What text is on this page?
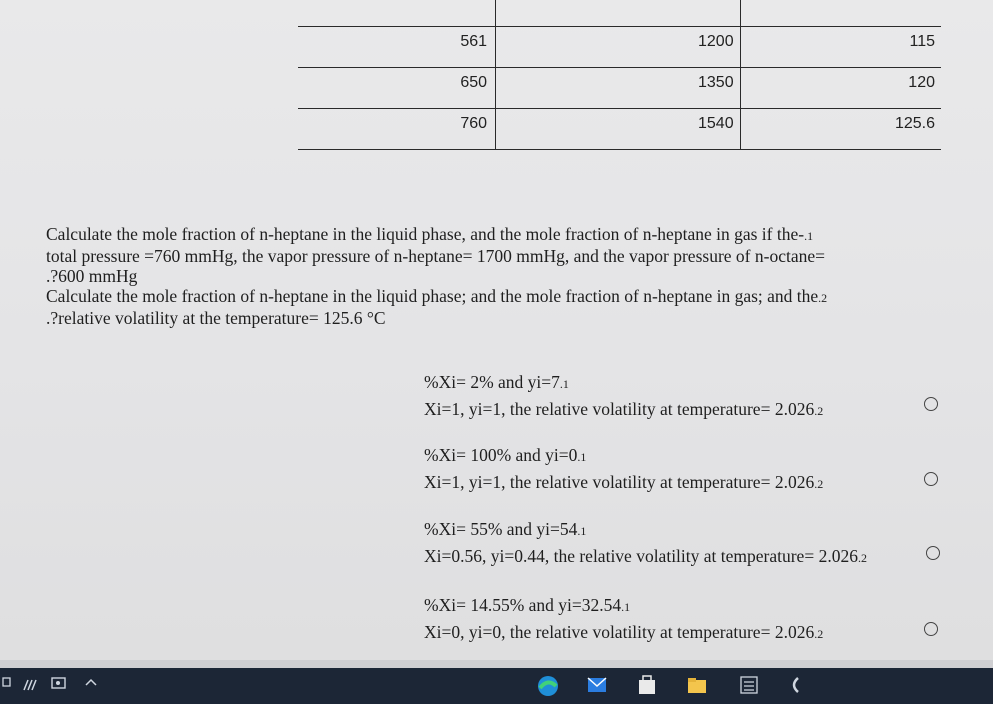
561	1200	115
650	1350	120
760	1540	125.6
Calculate the mole fraction of n-heptane in the liquid phase, and the mole fraction of n-heptane in gas if the-.1
total pressure =760 mmHg, the vapor pressure of n-heptane= 1700 mmHg, and the vapor pressure of n-octane=
.?600 mmHg
Calculate the mole fraction of n-heptane in the liquid phase; and the mole fraction of n-heptane in gas; and the.2
.?relative volatility at the temperature= 125.6 °C
%Xi= 2% and yi=7.1
Xi=1, yi=1, the relative volatility at temperature= 2.026.2
%Xi= 100% and yi=0.1
Xi=1, yi=1, the relative volatility at temperature= 2.026.2
%Xi= 55% and yi=54.1
Xi=0.56, yi=0.44, the relative volatility at temperature= 2.026.2
%Xi= 14.55% and yi=32.54.1
Xi=0, yi=0, the relative volatility at temperature= 2.026.2
